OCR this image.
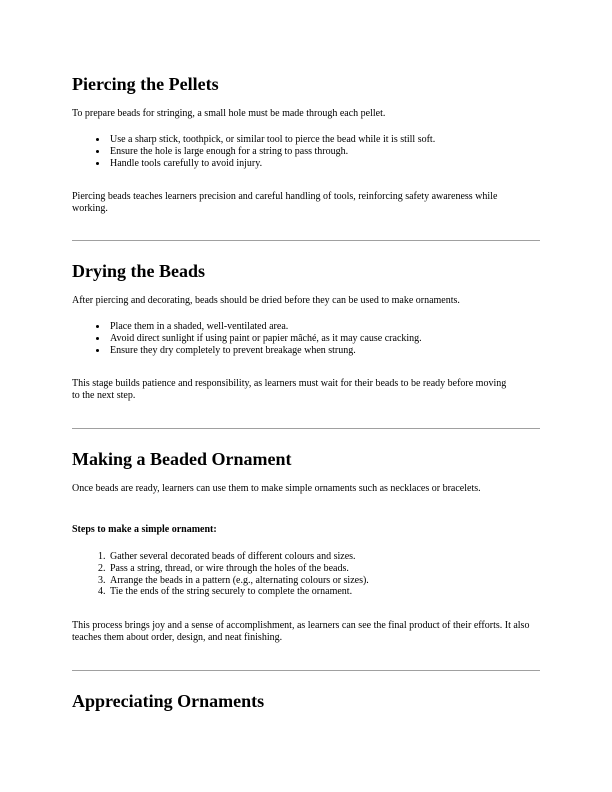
Piercing the Pellets

To prepare beads for stringing, a small hole must be made through each pellet.

• Use a sharp stick, toothpick, or similar tool to pierce the bead while it is still soft.
• Ensure the hole is large enough for a string to pass through.
• Handle tools carefully to avoid injury.

Piercing beads teaches learners precision and careful handling of tools, reinforcing safety awareness while working.

Drying the Beads

After piercing and decorating, beads should be dried before they can be used to make ornaments.

• Place them in a shaded, well-ventilated area.
• Avoid direct sunlight if using paint or papier mâché, as it may cause cracking.
• Ensure they dry completely to prevent breakage when strung.

This stage builds patience and responsibility, as learners must wait for their beads to be ready before moving to the next step.

Making a Beaded Ornament

Once beads are ready, learners can use them to make simple ornaments such as necklaces or bracelets.

Steps to make a simple ornament:

1. Gather several decorated beads of different colours and sizes.
2. Pass a string, thread, or wire through the holes of the beads.
3. Arrange the beads in a pattern (e.g., alternating colours or sizes).
4. Tie the ends of the string securely to complete the ornament.

This process brings joy and a sense of accomplishment, as learners can see the final product of their efforts. It also teaches them about order, design, and neat finishing.

Appreciating Ornaments
